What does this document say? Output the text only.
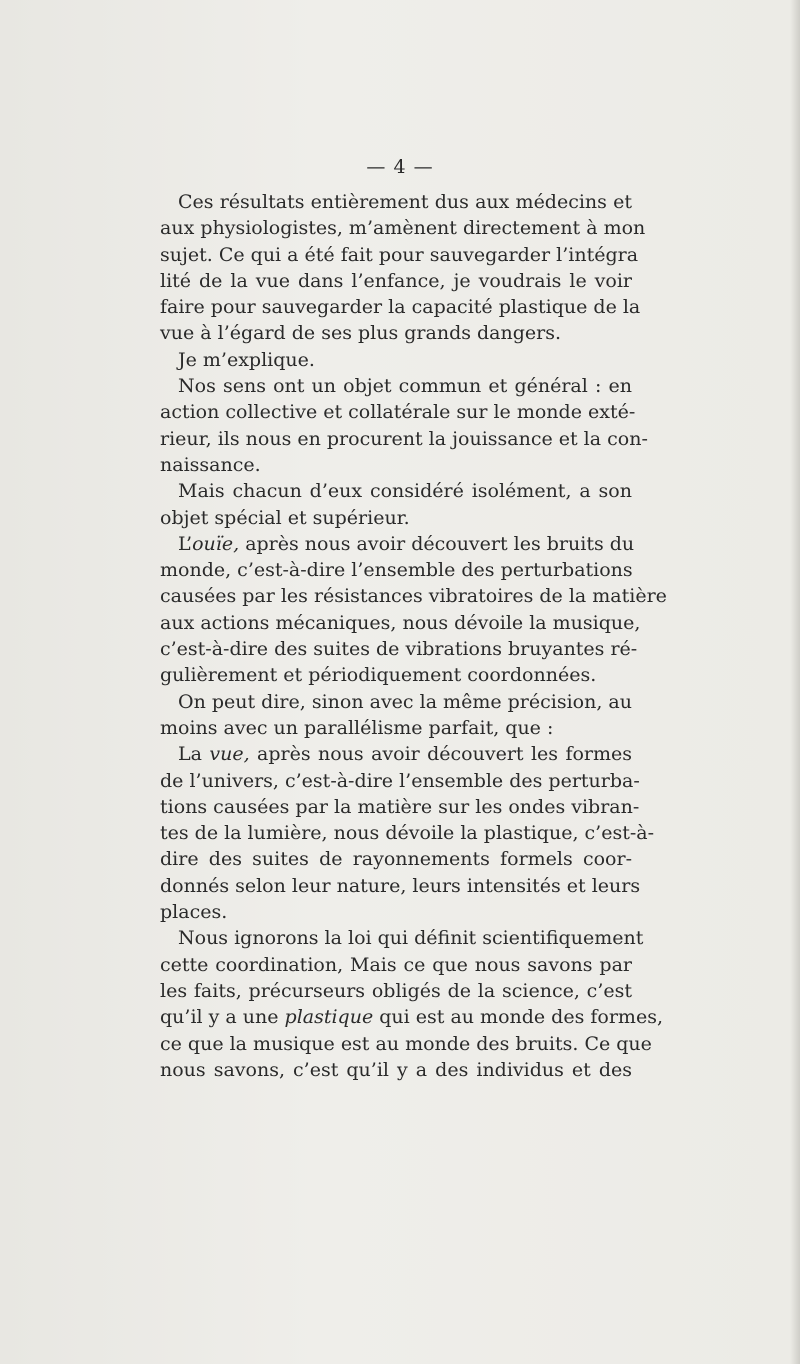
— 4 —
Ces résultats entièrement dus aux médecins et
aux physiologistes, m’amènent directement à mon
sujet. Ce qui a été fait pour sauvegarder l’intégra
lité de la vue dans l’enfance, je voudrais le voir
faire pour sauvegarder la capacité plastique de la
vue à l’égard de ses plus grands dangers.
Je m’explique.
Nos sens ont un objet commun et général : en
action collective et collatérale sur le monde exté-
rieur, ils nous en procurent la jouissance et la con-
naissance.
Mais chacun d’eux considéré isolément, a son
objet spécial et supérieur.
L’ouïe, après nous avoir découvert les bruits du
monde, c’est-à-dire l’ensemble des perturbations
causées par les résistances vibratoires de la matière
aux actions mécaniques, nous dévoile la musique,
c’est-à-dire des suites de vibrations bruyantes ré-
gulièrement et périodiquement coordonnées.
On peut dire, sinon avec la même précision, au
moins avec un parallélisme parfait, que :
La vue, après nous avoir découvert les formes
de l’univers, c’est-à-dire l’ensemble des perturba-
tions causées par la matière sur les ondes vibran-
tes de la lumière, nous dévoile la plastique, c’est-à-
dire des suites de rayonnements formels coor-
donnés selon leur nature, leurs intensités et leurs
places.
Nous ignorons la loi qui définit scientifiquement
cette coordination, Mais ce que nous savons par
les faits, précurseurs obligés de la science, c’est
qu’il y a une plastique qui est au monde des formes,
ce que la musique est au monde des bruits. Ce que
nous savons, c’est qu’il y a des individus et des
